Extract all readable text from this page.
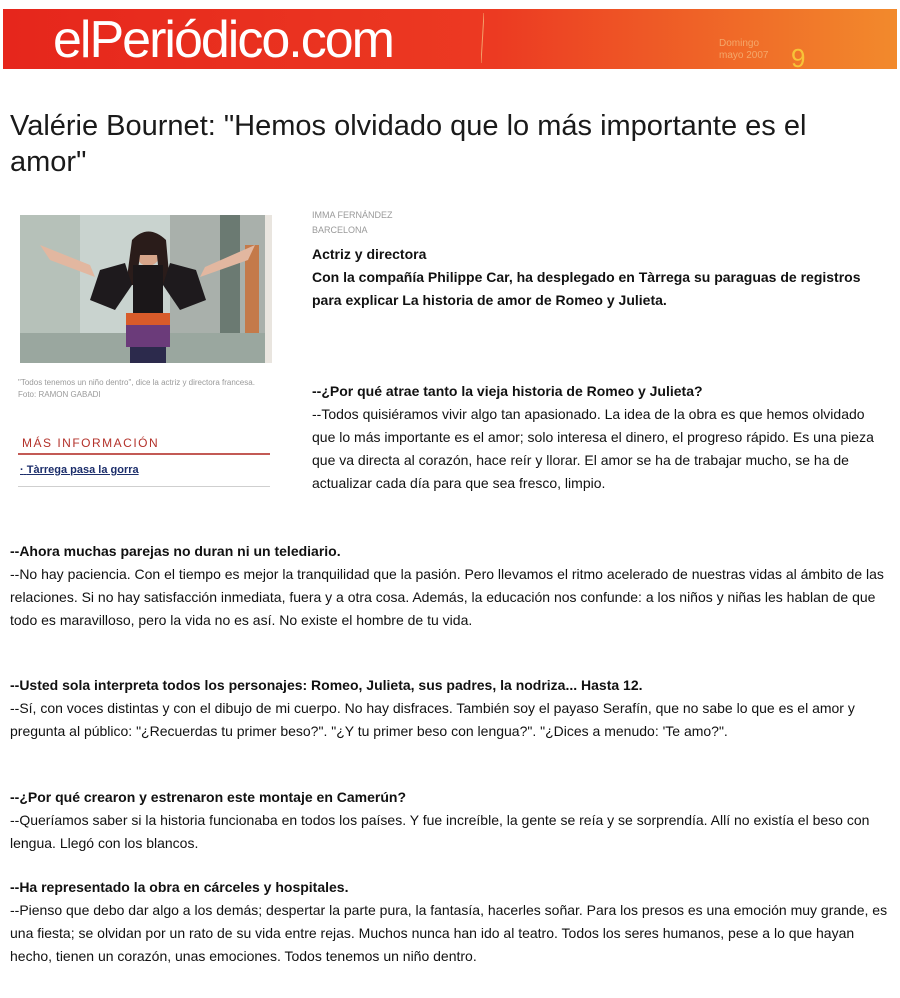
elPeriódico.com	Domingo
mayo 2007 9
Valérie Bournet: "Hemos olvidado que lo más importante es el amor"
"Todos tenemos un niño dentro", dice la actriz y directora francesa. Foto: RAMON GABADI
MÁS INFORMACIÓN
· Tàrrega pasa la gorra
IMMA FERNÁNDEZ
BARCELONA
Actriz y directora
Con la compañía Philippe Car, ha desplegado en Tàrrega su paraguas de registros para explicar La historia de amor de Romeo y Julieta.
--¿Por qué atrae tanto la vieja historia de Romeo y Julieta?
--Todos quisiéramos vivir algo tan apasionado. La idea de la obra es que hemos olvidado que lo más importante es el amor; solo interesa el dinero, el progreso rápido. Es una pieza que va directa al corazón, hace reír y llorar. El amor se ha de trabajar mucho, se ha de actualizar cada día para que sea fresco, limpio.
--Ahora muchas parejas no duran ni un telediario.
--No hay paciencia. Con el tiempo es mejor la tranquilidad que la pasión. Pero llevamos el ritmo acelerado de nuestras vidas al ámbito de las relaciones. Si no hay satisfacción inmediata, fuera y a otra cosa. Además, la educación nos confunde: a los niños y niñas les hablan de que todo es maravilloso, pero la vida no es así. No existe el hombre de tu vida.
--Usted sola interpreta todos los personajes: Romeo, Julieta, sus padres, la nodriza... Hasta 12.
--Sí, con voces distintas y con el dibujo de mi cuerpo. No hay disfraces. También soy el payaso Serafín, que no sabe lo que es el amor y pregunta al público: "¿Recuerdas tu primer beso?". "¿Y tu primer beso con lengua?". "¿Dices a menudo: 'Te amo?".
--¿Por qué crearon y estrenaron este montaje en Camerún?
--Queríamos saber si la historia funcionaba en todos los países. Y fue increíble, la gente se reía y se sorprendía. Allí no existía el beso con lengua. Llegó con los blancos.
--Ha representado la obra en cárceles y hospitales.
--Pienso que debo dar algo a los demás; despertar la parte pura, la fantasía, hacerles soñar. Para los presos es una emoción muy grande, es una fiesta; se olvidan por un rato de su vida entre rejas. Muchos nunca han ido al teatro. Todos los seres humanos, pese a lo que hayan hecho, tienen un corazón, unas emociones. Todos tenemos un niño dentro.
